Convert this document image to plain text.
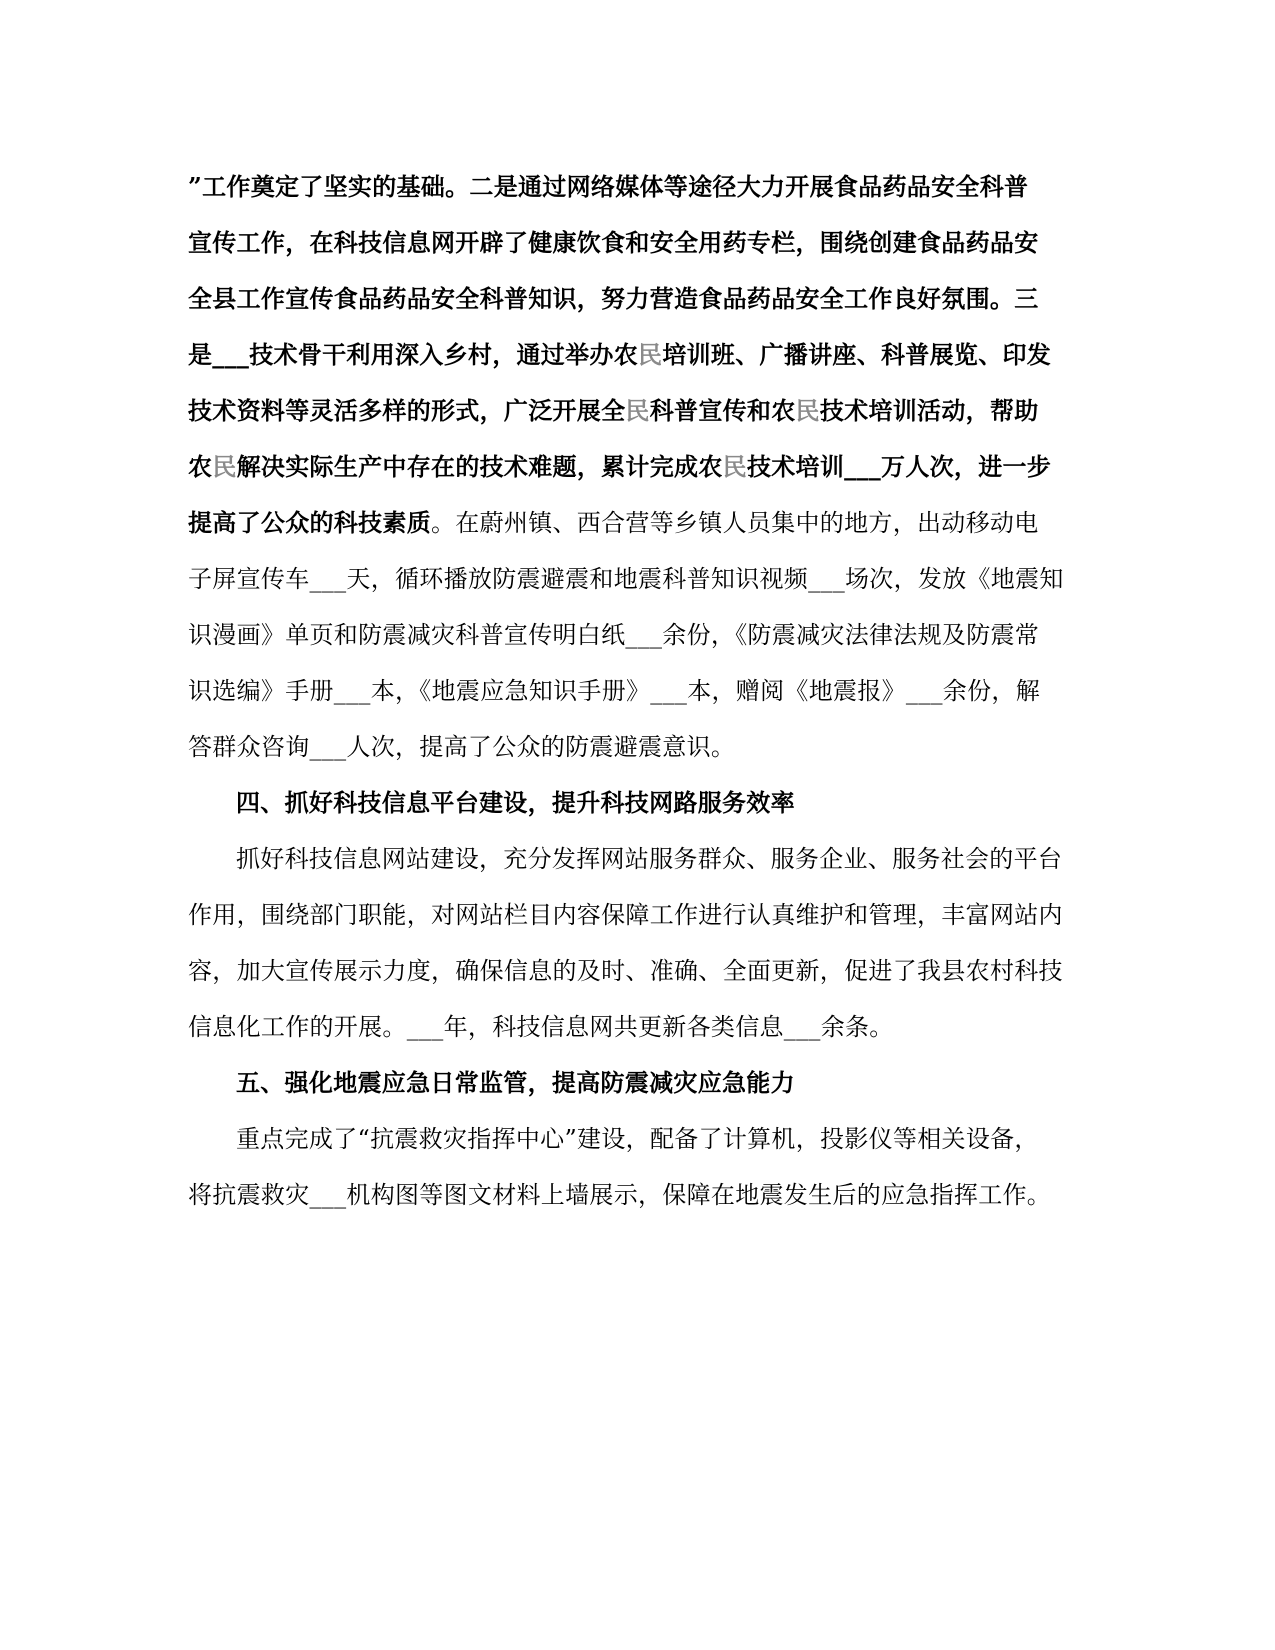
”工作奠定了坚实的基础。二是通过网络媒体等途径大力开展食品药品安全科普
宣传工作，在科技信息网开辟了健康饮食和安全用药专栏，围绕创建食品药品安
全县工作宣传食品药品安全科普知识，努力营造食品药品安全工作良好氛围。三
是___技术骨干利用深入乡村，通过举办农民培训班、广播讲座、科普展览、印发
技术资料等灵活多样的形式，广泛开展全民科普宣传和农民技术培训活动，帮助
农民解决实际生产中存在的技术难题，累计完成农民技术培训___万人次，进一步
提高了公众的科技素质。在蔚州镇、西合营等乡镇人员集中的地方，出动移动电
子屏宣传车___天，循环播放防震避震和地震科普知识视频___场次，发放《地震知
识漫画》单页和防震减灾科普宣传明白纸___余份，《防震减灾法律法规及防震常
识选编》手册___本，《地震应急知识手册》___本，赠阅《地震报》___余份，解
答群众咨询___人次，提高了公众的防震避震意识。
四、抓好科技信息平台建设，提升科技网路服务效率
抓好科技信息网站建设，充分发挥网站服务群众、服务企业、服务社会的平台
作用，围绕部门职能，对网站栏目内容保障工作进行认真维护和管理，丰富网站内
容，加大宣传展示力度，确保信息的及时、准确、全面更新，促进了我县农村科技
信息化工作的开展。___年，科技信息网共更新各类信息___余条。
五、强化地震应急日常监管，提高防震减灾应急能力
重点完成了“抗震救灾指挥中心”建设，配备了计算机，投影仪等相关设备，
将抗震救灾___机构图等图文材料上墙展示，保障在地震发生后的应急指挥工作。
